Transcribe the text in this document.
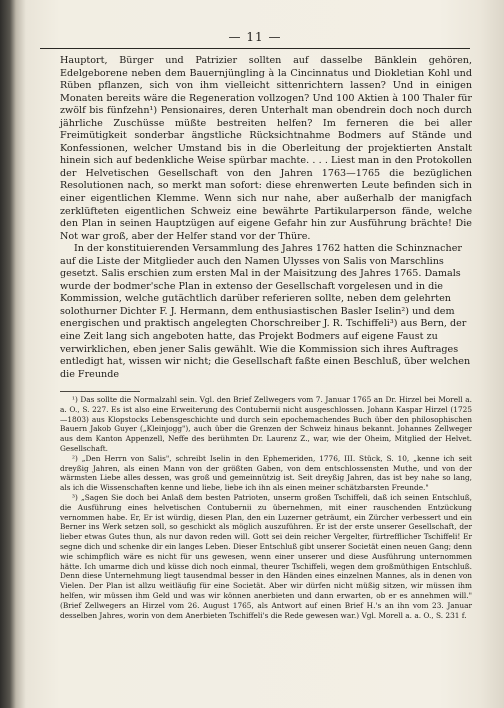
— 11 —

Hauptort, Bürger und Patrizier sollten auf dasselbe Bänklein gehören, Edelgeborene neben dem Bauernjüngling à la Cincinnatus und Diokletian Kohl und Rüben pflanzen, sich von ihm vielleicht sittenrichtern lassen? Und in einigen Monaten bereits wäre die Regeneration vollzogen? Und 100 Aktien à 100 Thaler für zwölf bis fünfzehn¹) Pensionaires, deren Unterhalt man obendrein doch noch durch jährliche Zuschüsse müßte bestreiten helfen? Im ferneren die bei aller Freimütigkeit sonderbar ängstliche Rücksichtnahme Bodmers auf Stände und Konfessionen, welcher Umstand bis in die Oberleitung der projektierten Anstalt hinein sich auf bedenkliche Weise spürbar machte. . . . Liest man in den Protokollen der Helvetischen Gesellschaft von den Jahren 1763—1765 die bezüglichen Resolutionen nach, so merkt man sofort: diese ehrenwerten Leute befinden sich in einer eigentlichen Klemme. Wenn sich nur nahe, aber außerhalb der manigfach zerklüfteten eigentlichen Schweiz eine bewährte Partikularperson fände, welche den Plan in seinen Hauptzügen auf eigene Gefahr hin zur Ausführung brächte! Die Not war groß, aber der Helfer stand vor der Thüre.

In der konstituierenden Versammlung des Jahres 1762 hatten die Schinznacher auf die Liste der Mitglieder auch den Namen Ulysses von Salis von Marschlins gesetzt. Salis erschien zum ersten Mal in der Maisitzung des Jahres 1765. Damals wurde der bodmer'sche Plan in extenso der Gesellschaft vorgelesen und in die Kommission, welche gutächtlich darüber referieren sollte, neben dem gelehrten solothurner Dichter F. J. Hermann, dem enthusiastischen Basler Iselin²) und dem energischen und praktisch angelegten Chorschreiber J. R. Tschiffeli³) aus Bern, der eine Zeit lang sich angeboten hatte, das Projekt Bodmers auf eigene Faust zu verwirklichen, eben jener Salis gewählt. Wie die Kommission sich ihres Auftrages entledigt hat, wissen wir nicht; die Gesellschaft faßte einen Beschluß, über welchen die Freunde

¹) Das sollte die Normalzahl sein. Vgl. den Brief Zellwegers vom 7. Januar 1765 an Dr. Hirzel bei Morell a. a. O., S. 227. Es ist also eine Erweiterung des Contubernii nicht ausgeschlossen. Johann Kaspar Hirzel (1725—1803) aus Klopstocks Lebensgeschichte und durch sein epochemachendes Buch über den philosophischen Bauern Jakob Guyer („Kleinjogg"), auch über die Grenzen der Schweiz hinaus bekannt. Johannes Zellweger aus dem Kanton Appenzell, Neffe des berühmten Dr. Laurenz Z., war, wie der Oheim, Mitglied der Helvet. Gesellschaft.

²) „Den Herrn von Salis", schreibt Iselin in den Ephemeriden, 1776, III. Stück, S. 10, „kenne ich seit dreyßig Jahren, als einen Mann von der größten Gaben, von dem entschlossensten Muthe, und von der wärmsten Liebe alles dessen, was groß und gemeinnützig ist. Seit dreyßig Jahren, das ist bey nahe so lang, als ich die Wissenschaften kenne und liebe, liebe ich ihn als einen meiner schätzbarsten Freunde."

³) „Sagen Sie doch bei Anlaß dem besten Patrioten, unserm großen Tschiffeli, daß ich seinen Entschluß, die Ausführung eines helvetischen Contubernii zu übernehmen, mit einer rauschenden Entzückung vernommen habe. Er, Er ist würdig, diesen Plan, den ein Luzerner geträumt, ein Zürcher verbessert und ein Berner ins Werk setzen soll, so geschickt als möglich auszuführen. Er ist der erste unserer Gesellschaft, der lieber etwas Gutes thun, als nur davon reden will. Gott sei dein reicher Vergelter, fürtrefflicher Tschiffeli! Er segne dich und schenke dir ein langes Leben. Dieser Entschluß gibt unserer Societät einen neuen Gang; denn wie schimpflich wäre es nicht für uns gewesen, wenn einer unserer und diese Ausführung unternommen hätte. Ich umarme dich und küsse dich noch einmal, theurer Tschiffeli, wegen dem großmüthigen Entschluß. Denn diese Unternehmung liegt tausendmal besser in den Händen eines einzelnen Mannes, als in denen von Vielen. Der Plan ist allzu weitläufig für eine Societät. Aber wir dürfen nicht müßig sitzen, wir müssen ihm helfen, wir müssen ihm Geld und was wir können anerbieten und dann erwarten, ob er es annehmen will." (Brief Zellwegers an Hirzel vom 26. August 1765, als Antwort auf einen Brief H.'s an ihn vom 23. Januar desselben Jahres, worin von dem Anerbieten Tschiffeli's die Rede gewesen war.) Vgl. Morell a. a. O., S. 231 f.
